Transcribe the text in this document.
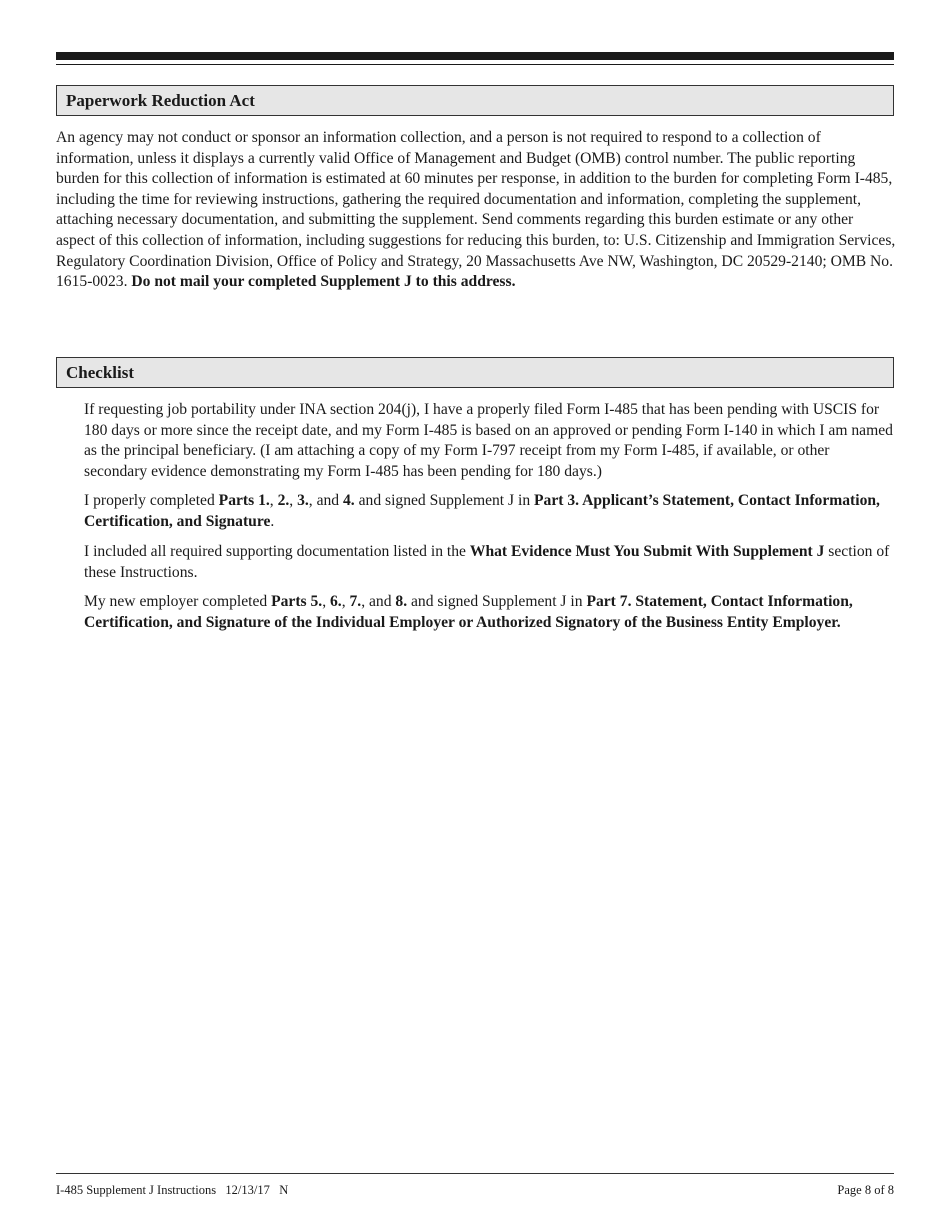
Paperwork Reduction Act

An agency may not conduct or sponsor an information collection, and a person is not required to respond to a collection of information, unless it displays a currently valid Office of Management and Budget (OMB) control number. The public reporting burden for this collection of information is estimated at 60 minutes per response, in addition to the burden for completing Form I-485, including the time for reviewing instructions, gathering the required documentation and information, completing the supplement, attaching necessary documentation, and submitting the supplement. Send comments regarding this burden estimate or any other aspect of this collection of information, including suggestions for reducing this burden, to: U.S. Citizenship and Immigration Services, Regulatory Coordination Division, Office of Policy and Strategy, 20 Massachusetts Ave NW, Washington, DC 20529-2140; OMB No. 1615-0023. Do not mail your completed Supplement J to this address.

Checklist

If requesting job portability under INA section 204(j), I have a properly filed Form I-485 that has been pending with USCIS for 180 days or more since the receipt date, and my Form I-485 is based on an approved or pending Form I-140 in which I am named as the principal beneficiary. (I am attaching a copy of my Form I-797 receipt from my Form I-485, if available, or other secondary evidence demonstrating my Form I-485 has been pending for 180 days.)

I properly completed Parts 1., 2., 3., and 4. and signed Supplement J in Part 3. Applicant’s Statement, Contact Information, Certification, and Signature.

I included all required supporting documentation listed in the What Evidence Must You Submit With Supplement J section of these Instructions.

My new employer completed Parts 5., 6., 7., and 8. and signed Supplement J in Part 7. Statement, Contact Information, Certification, and Signature of the Individual Employer or Authorized Signatory of the Business Entity Employer.

I-485 Supplement J Instructions   12/13/17   N	Page 8 of 8
